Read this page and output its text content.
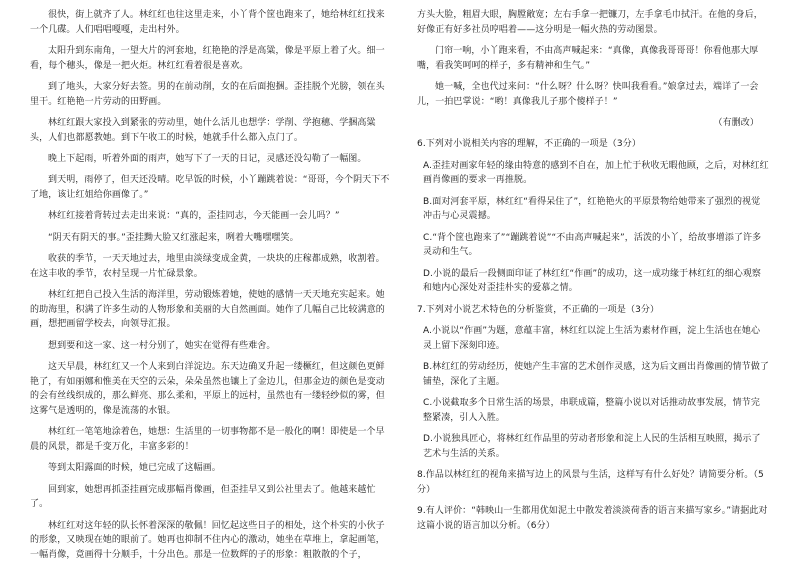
很快，街上就齐了人。林红红也往这里走来，小丫背个筐也跑来了，她给林红红找来一个几碟。人们唱唱嘎嘎，走出村外。

太阳升到东南角，一望大片的河套地，红艳艳的浮是高粱，像是平原上着了火。细一看，每个穗头，像是一把火炬。林红红看着很是喜欢。

到了地头，大家分好去签。男的在前动削，女的在后面抱捆。歪挂脱个光膀，领在头里干。红艳艳一片劳动的田野画。

林红红跟大家投入到紧张的劳动里，她什么活儿也想学：学削、学抱穗、学捆高粱头，人们也都愿教她。到下午收工的时候，她就手什么都入点门了。

晚上下起雨，听着外面的雨声，她写下了一天的日记，灵感还没勾勒了一幅图。

到天明，雨停了，但天还没晴。吃早饭的时候，小丫蹦跳着说：“哥哥，今个阴天下不了地，该让红姐给你画像了。”

林红红接着背转过去走出来说：“真的，歪挂同志，今天能画一会儿吗？”

“阴天有阴天的事。”歪挂黝大脸又红涨起来，咧着大嘴嘿嘿笑。

收获的季节，一天天地过去，地里由淡绿变成金黄，一块块的庄稼都成熟，收割着。在这丰收的季节，农村呈现一片忙碌景象。

林红红把自己投入生活的海洋里，劳动锻炼着她，使她的感情一天天地充实起来。她的助海里，积满了许多生动的人物形象和美丽的大自然画面。她作了几幅自己比较满意的画，想把画留学校去，向领导汇报。

想到要和这一家、这一村分别了，她实在觉得有些难舍。

这天早晨，林红红又一个人来到白洋淀边。东天边确叉升起一缕橛红，但这颜色更鲜艳了，有如丽娜和惟美在天空的云朵，朵朵虽然也镶上了金边儿，但那金边的颜色是变动的会有丝线织成的，那么鲜亮、那么柔和，平原上的远村，虽然也有一缕轻纱似的雾，但这雾气是透明的，像是流荡的水银。

林红红一笔笔地涂着色，她想：生活里的一切事物都不是一般化的啊！即使是一个早晨的风景，都是千变万化，丰富多彩的！

等到太阳露面的时候，她已完成了这幅画。

回到家，她想再抓歪挂画完成那幅肖像画，但歪挂早又到公社里去了。他越来越忙了。

林红红对这年轻的队长怀着深深的敬佩！回忆起这些日子的相处，这个朴实的小伙子的形象，又映现在她的眼前了。她再也抑制不住内心的激动，她坐在草堆上，拿起画笔，一幅肖像，竟画得十分顺手，十分出色。那是一位数辉的子的形象：粗散散的个子，

方头大脸，粗眉大眼，胸膛敞宽；左右手拿一把镰刀，左手拿毛巾拭汗。在他的身后，好像正有好多社员哼唱着——这分明是一幅火热的劳动图景。

门帘一响，小丫跑来看，不由高声喊起来：“真像，真像我哥哥哥！你看他那大厚嘴，看我笑呵呵的样子，多有精神和生气。”

她一喊，全也代过来问：“什么呀？什么呀？快叫我看看。”娘拿过去，端详了一会儿，一拍巴掌说：“哟！真像我儿子那个傻样子！”

（有删改）

6.下列对小说相关内容的理解，不正确的一项是（3分）

A.歪挂对画家年轻的缘由特意的感到不自在，加上忙于秋收无暇他顾，之后，对林红红画肖像画的要求一再推脱。

B.面对河套平原，林红红“看得呆住了”，红艳艳火的平原景物给她带来了强烈的视觉冲击与心灵震撼。

C.“背个筐也跑来了”“蹦跳着说”“不由高声喊起来”，活泼的小丫，给故事增添了许多灵动和生气。

D.小说的最后一段侧面印证了林红红“作画”的成功，这一成功缘于林红红的细心观察和她内心深处对歪挂朴实的爱慕之情。

7.下列对小说艺术特色的分析鉴赏，不正确的一项是（3分）

A.小说以“作画”为题，意蕴丰富，林红红以淀上生活为素材作画，淀上生活也在她心灵上留下深刻印迹。

B.林红红的劳动经历，使她产生丰富的艺术创作灵感，这为后文画出肖像画的情节做了铺垫，深化了主题。

C.小说截取多个日常生活的场景，串联成篇，整篇小说以对话推动故事发展，情节完整紧凑，引人入胜。

D.小说独具匠心，将林红红作品里的劳动者形象和淀上人民的生活相互映照，揭示了艺术与生活的关系。

8.作品以林红红的视角来描写边上的风景与生活，这样写有什么好处？请简要分析。（5分）

9.有人评价：“韩映山一生都用优如泥土中散发着淡淡荷香的语言来描写家乡。”请据此对这篇小说的语言加以分析。（6分）
